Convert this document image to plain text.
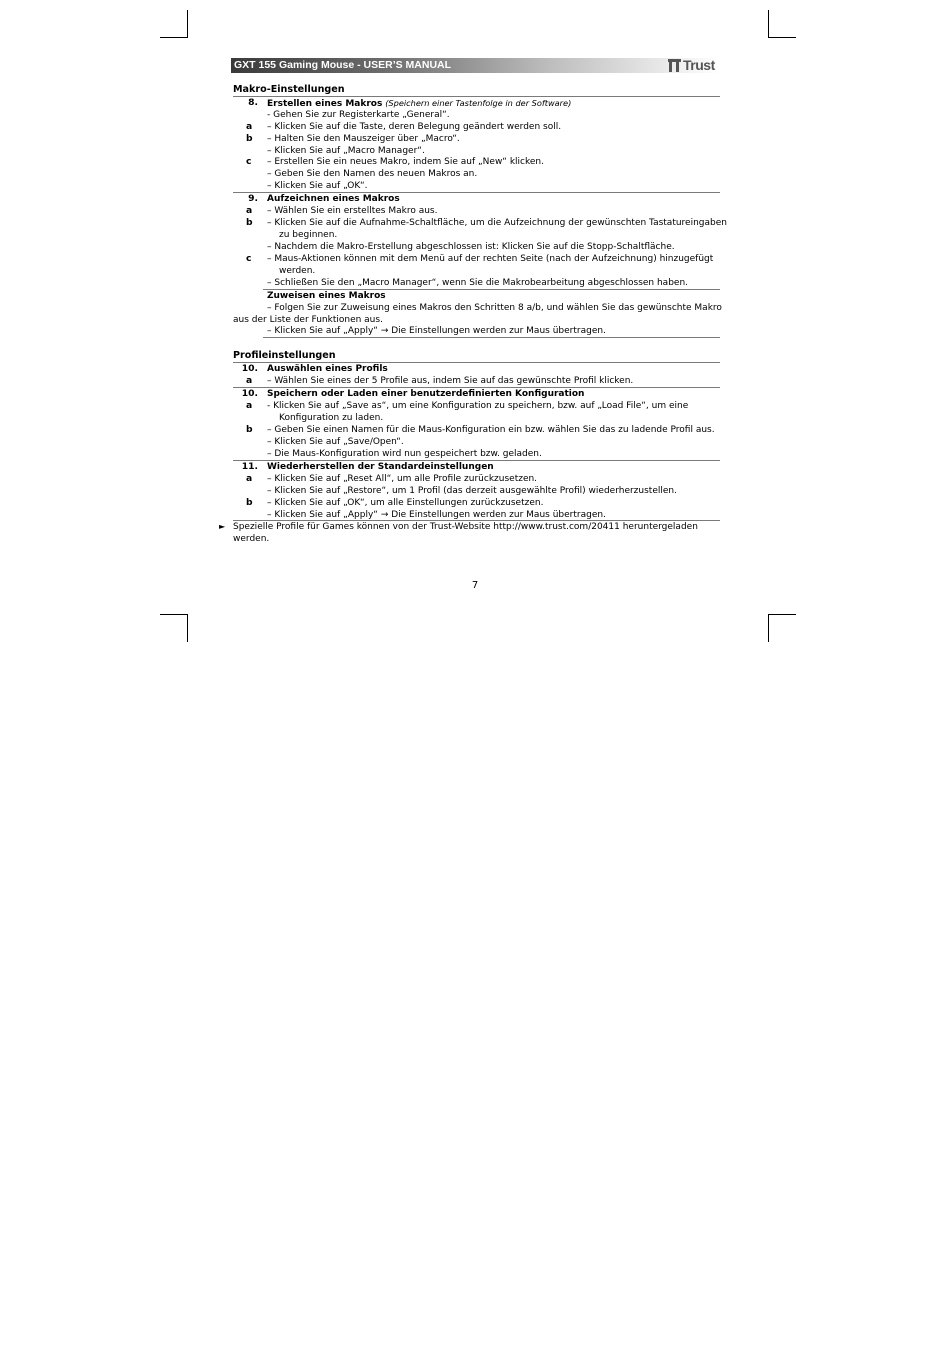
GXT 155 Gaming Mouse - USER’S MANUAL	Trust
Makro-Einstellungen
8. Erstellen eines Makros (Speichern einer Tastenfolge in der Software)
- Gehen Sie zur Registerkarte „General“.
a – Klicken Sie auf die Taste, deren Belegung geändert werden soll.
b – Halten Sie den Mauszeiger über „Macro“.
– Klicken Sie auf „Macro Manager“.
c – Erstellen Sie ein neues Makro, indem Sie auf „New“ klicken.
– Geben Sie den Namen des neuen Makros an.
– Klicken Sie auf „OK“.
9. Aufzeichnen eines Makros
a – Wählen Sie ein erstelltes Makro aus.
b – Klicken Sie auf die Aufnahme-Schaltfläche, um die Aufzeichnung der gewünschten Tastatureingaben
zu beginnen.
– Nachdem die Makro-Erstellung abgeschlossen ist: Klicken Sie auf die Stopp-Schaltfläche.
c – Maus-Aktionen können mit dem Menü auf der rechten Seite (nach der Aufzeichnung) hinzugefügt
werden.
– Schließen Sie den „Macro Manager“, wenn Sie die Makrobearbeitung abgeschlossen haben.
Zuweisen eines Makros
– Folgen Sie zur Zuweisung eines Makros den Schritten 8 a/b, und wählen Sie das gewünschte Makro
aus der Liste der Funktionen aus.
– Klicken Sie auf „Apply“ → Die Einstellungen werden zur Maus übertragen.
Profileinstellungen
10. Auswählen eines Profils
a – Wählen Sie eines der 5 Profile aus, indem Sie auf das gewünschte Profil klicken.
10. Speichern oder Laden einer benutzerdefinierten Konfiguration
a - Klicken Sie auf „Save as“, um eine Konfiguration zu speichern, bzw. auf „Load File“, um eine
Konfiguration zu laden.
b – Geben Sie einen Namen für die Maus-Konfiguration ein bzw. wählen Sie das zu ladende Profil aus.
– Klicken Sie auf „Save/Open“.
– Die Maus-Konfiguration wird nun gespeichert bzw. geladen.
11. Wiederherstellen der Standardeinstellungen
a – Klicken Sie auf „Reset All“, um alle Profile zurückzusetzen.
– Klicken Sie auf „Restore“, um 1 Profil (das derzeit ausgewählte Profil) wiederherzustellen.
b – Klicken Sie auf „OK“, um alle Einstellungen zurückzusetzen.
– Klicken Sie auf „Apply“ → Die Einstellungen werden zur Maus übertragen.
► Spezielle Profile für Games können von der Trust-Website http://www.trust.com/20411 heruntergeladen
werden.
7
